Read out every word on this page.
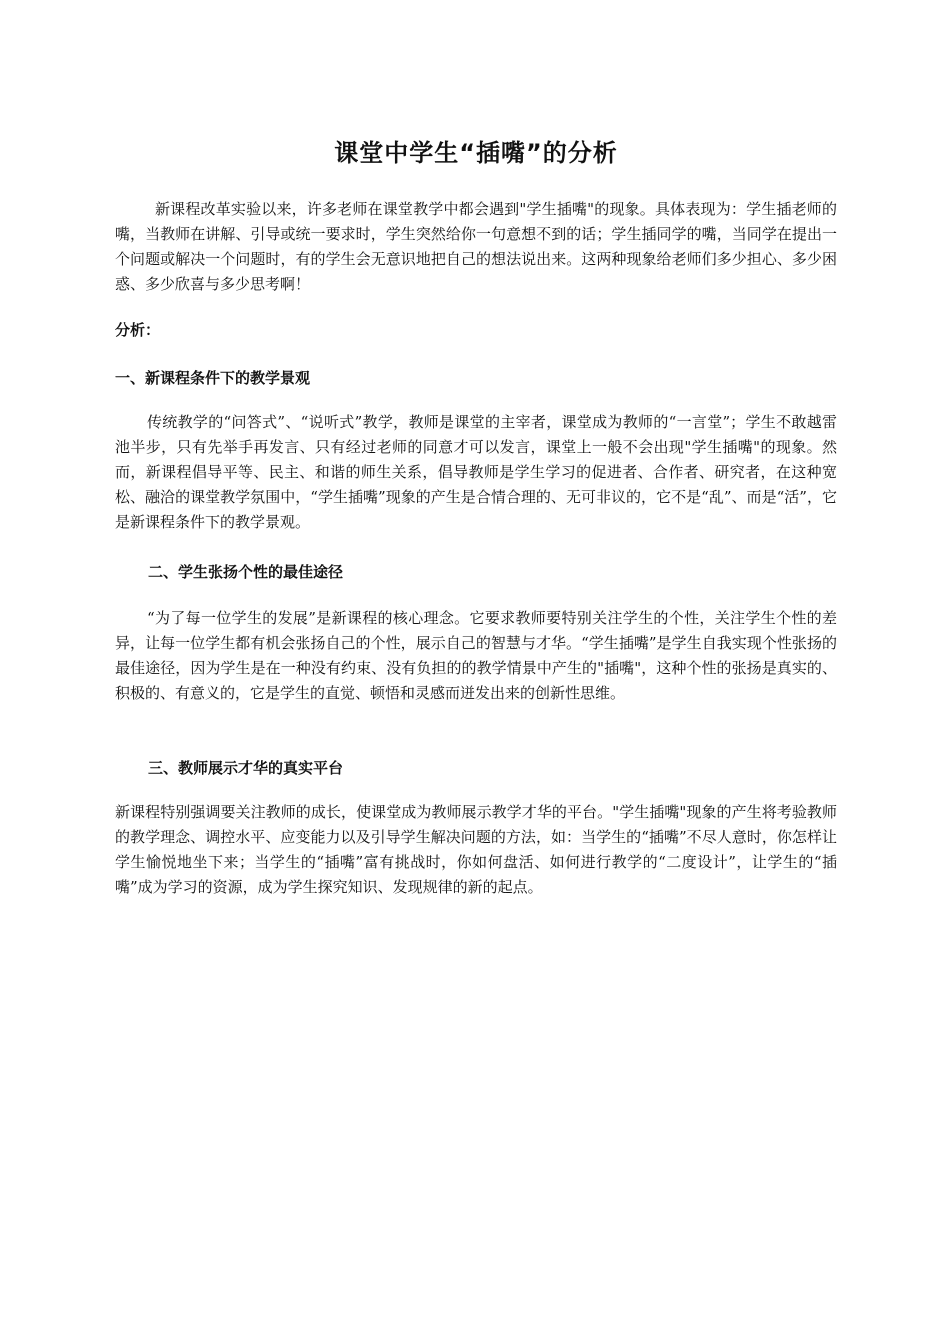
课堂中学生“插嘴”的分析

新课程改革实验以来，许多老师在课堂教学中都会遇到"学生插嘴"的现象。具体表现为：学生插老师的嘴，当教师在讲解、引导或统一要求时，学生突然给你一句意想不到的话；学生插同学的嘴，当同学在提出一个问题或解决一个问题时，有的学生会无意识地把自己的想法说出来。这两种现象给老师们多少担心、多少困惑、多少欣喜与多少思考啊！

分析：

一、新课程条件下的教学景观

传统教学的“问答式”、“说听式”教学，教师是课堂的主宰者，课堂成为教师的“一言堂”；学生不敢越雷池半步，只有先举手再发言、只有经过老师的同意才可以发言，课堂上一般不会出现"学生插嘴"的现象。然而，新课程倡导平等、民主、和谐的师生关系，倡导教师是学生学习的促进者、合作者、研究者，在这种宽松、融洽的课堂教学氛围中，“学生插嘴”现象的产生是合情合理的、无可非议的，它不是“乱”、而是“活”，它是新课程条件下的教学景观。

二、学生张扬个性的最佳途径

“为了每一位学生的发展”是新课程的核心理念。它要求教师要特别关注学生的个性，关注学生个性的差异，让每一位学生都有机会张扬自己的个性，展示自己的智慧与才华。“学生插嘴”是学生自我实现个性张扬的最佳途径，因为学生是在一种没有约束、没有负担的的教学情景中产生的"插嘴"，这种个性的张扬是真实的、积极的、有意义的，它是学生的直觉、顿悟和灵感而迸发出来的创新性思维。

三、教师展示才华的真实平台

新课程特别强调要关注教师的成长，使课堂成为教师展示教学才华的平台。"学生插嘴"现象的产生将考验教师的教学理念、调控水平、应变能力以及引导学生解决问题的方法，如：当学生的“插嘴”不尽人意时，你怎样让学生愉悦地坐下来；当学生的“插嘴”富有挑战时，你如何盘活、如何进行教学的“二度设计”，让学生的“插嘴”成为学习的资源，成为学生探究知识、发现规律的新的起点。
